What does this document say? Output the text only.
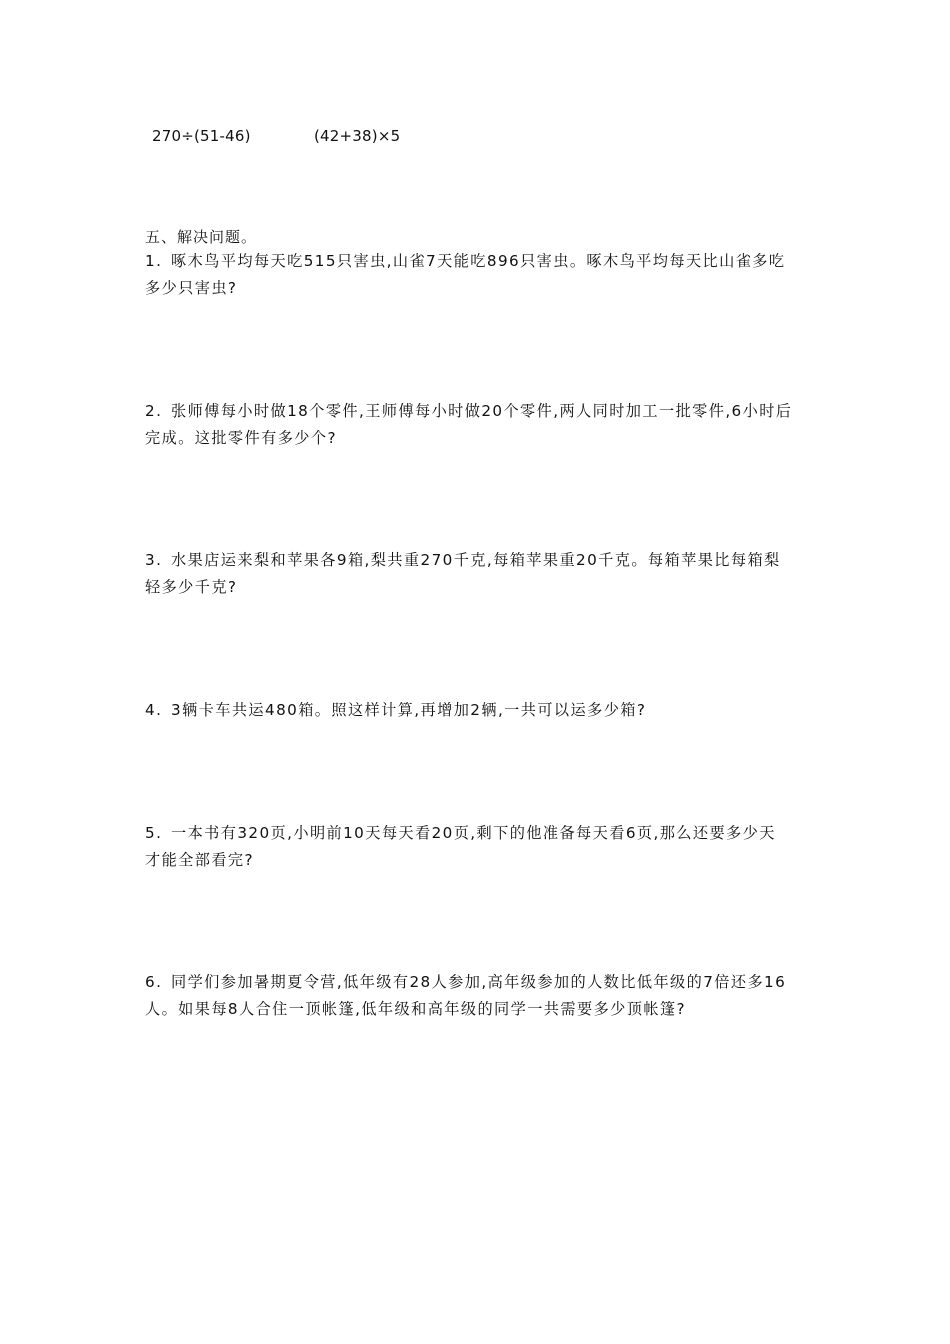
270÷(51-46)	(42+38)×5
五、解决问题。

1. 啄木鸟平均每天吃515只害虫,山雀7天能吃896只害虫。啄木鸟平均每天比山雀多吃

多少只害虫?

2. 张师傅每小时做18个零件,王师傅每小时做20个零件,两人同时加工一批零件,6小时后

完成。这批零件有多少个?

3. 水果店运来梨和苹果各9箱,梨共重270千克,每箱苹果重20千克。每箱苹果比每箱梨

轻多少千克?

4. 3辆卡车共运480箱。照这样计算,再增加2辆,一共可以运多少箱?

5. 一本书有320页,小明前10天每天看20页,剩下的他准备每天看6页,那么还要多少天

才能全部看完?

6. 同学们参加暑期夏令营,低年级有28人参加,高年级参加的人数比低年级的7倍还多16

人。如果每8人合住一顶帐篷,低年级和高年级的同学一共需要多少顶帐篷?
